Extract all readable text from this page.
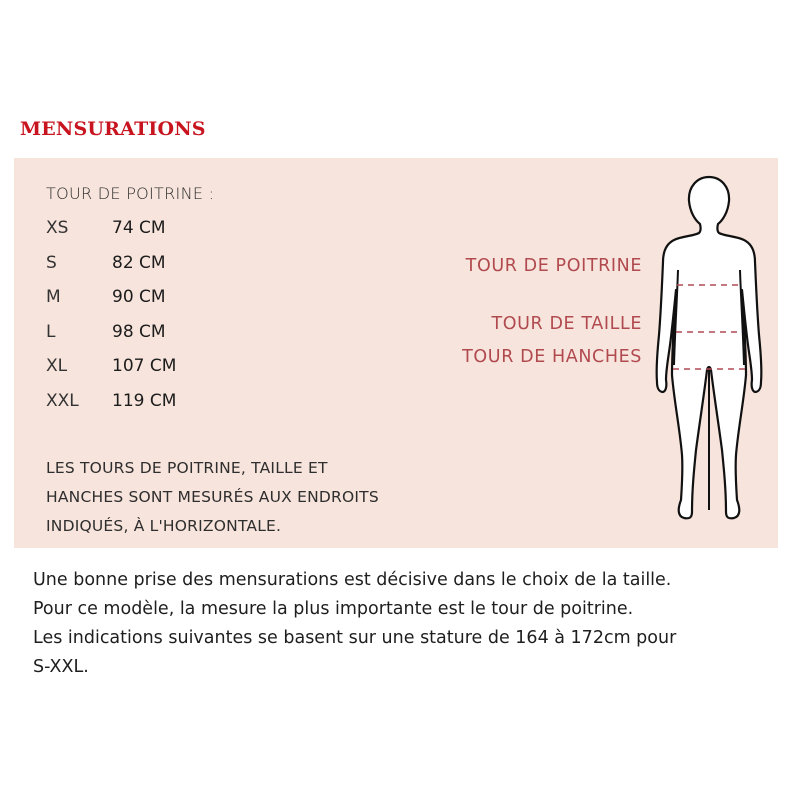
MENSURATIONS
TOUR DE POITRINE :
XS	74 CM
S	82 CM
M	90 CM
L	98 CM
XL	107 CM
XXL	119 CM
LES TOURS DE POITRINE, TAILLE ET
HANCHES SONT MESURÉS AUX ENDROITS
INDIQUÉS, À L'HORIZONTALE.
TOUR DE POITRINE
TOUR DE TAILLE
TOUR DE HANCHES
Une bonne prise des mensurations est décisive dans le choix de la taille.
Pour ce modèle, la mesure la plus importante est le tour de poitrine.
Les indications suivantes se basent sur une stature de 164 à 172cm pour
S-XXL.
